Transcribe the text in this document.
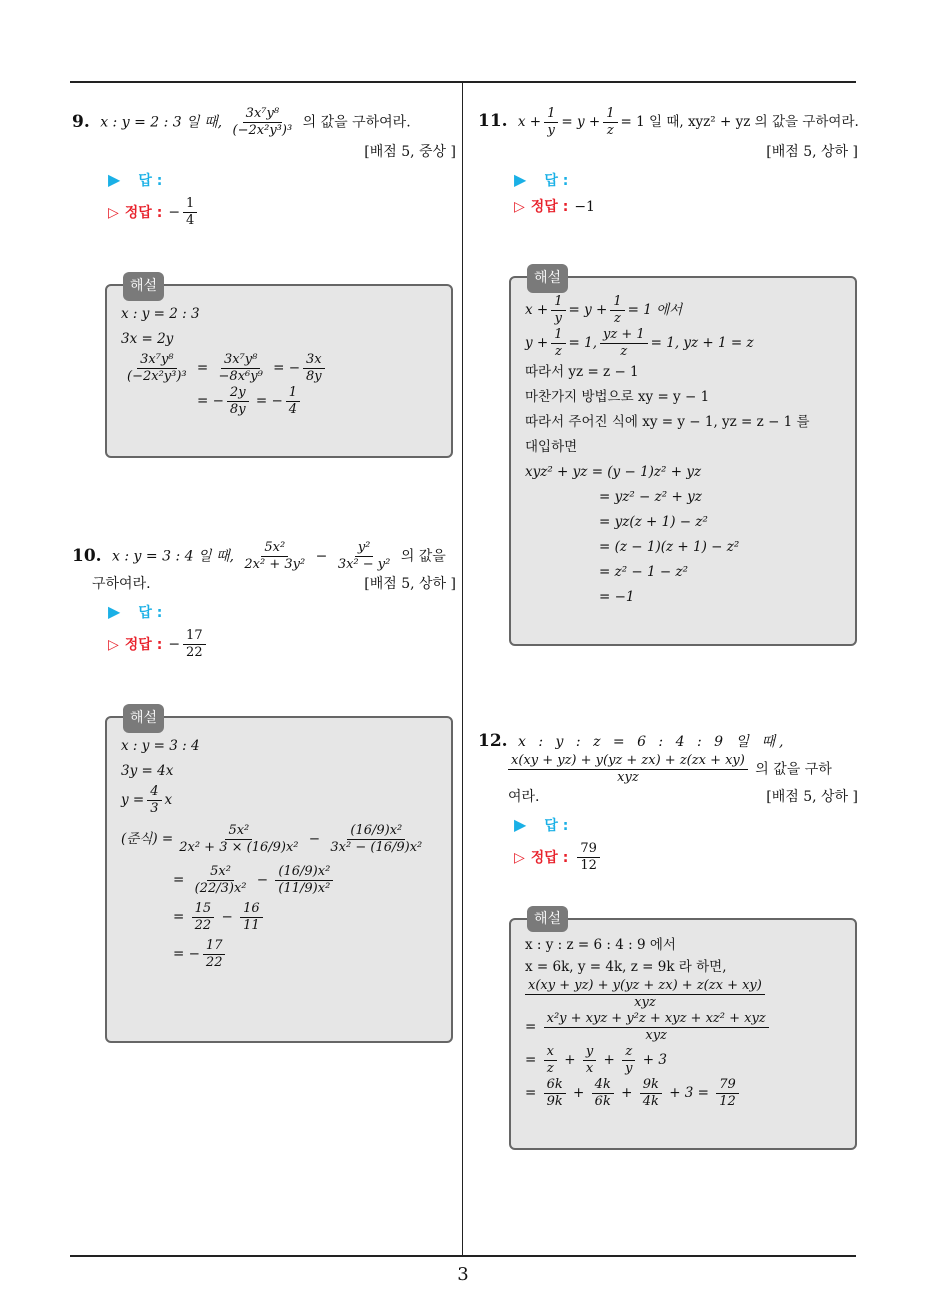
9. x : y = 2 : 3 일 때, $\frac{\text{3x⁷y⁸}}{\text{(−2x²y³)³}}$ 의 값을 구하여라.
[배점 5, 중상 ]
▶ 답 :
▷ 정답 : − $\frac{1}{4}$
해설
x : y = 2 : 3
3x = 2y
$\frac{\text{3x⁷y⁸}}{\text{(−2x²y³)³}} = \frac{\text{3x⁷y⁸}}{\text{−8x⁶y⁹}}$ = − $\frac{3x}{8y}$
= − $\frac{2y}{8y}$ = − $\frac{1}{4}$
10. x : y = 3 : 4 일 때, $\frac{\text{5x²}}{\text{2x² + 3y²}} - \frac{\text{y²}}{\text{3x² − y²}}$ 의 값을
구하여라.	[배점 5, 상하 ]
▶ 답 :
▷ 정답 : − $\frac{17}{22}$
해설
x : y = 3 : 4
3y = 4x
$y = \frac{4}{3}$ x
(준식) = $\frac{\text{5x²}}{\text{2x² + 3 × (16/9)x²}} - \frac{\text{(16/9)x²}}{\text{3x² − (16/9)x²}}$
= $\frac{\text{5x²}}{\text{(22/3)x²}} - \frac{\text{(16/9)x²}}{\text{(11/9)x²}}$
= $\frac{15}{22} - \frac{16}{11}$
= − $\frac{17}{22}$
11. $x + \frac{1}{y} = y + \frac{1}{z} = 1$ 일 때, xyz² + yz 의 값을 구하여라.
[배점 5, 상하 ]
▶ 답 :
▷ 정답 : −1
해설
$x + \frac{1}{y} = y + \frac{1}{z} = 1$ 에서
$y + \frac{1}{z} = 1$, $\frac{yz + 1}{z} = 1$, yz + 1 = z
따라서 yz = z − 1
마찬가지 방법으로 xy = y − 1
따라서 주어진 식에 xy = y − 1, yz = z − 1 를
대입하면
xyz² + yz = (y − 1)z² + yz
= yz² − z² + yz
= yz(z + 1) − z²
= (z − 1)(z + 1) − z²
= z² − 1 − z²
= −1
12. x : y : z = 6 : 4 : 9 일 때,
$\frac{x(xy + yz) + y(yz + zx) + z(zx + xy)}{\text{xyz}}$ 의 값을 구하
여라.	[배점 5, 상하 ]
▶ 답 :
▷ 정답 : $\frac{79}{12}$
해설
x : y : z = 6 : 4 : 9 에서
x = 6k, y = 4k, z = 9k 라 하면,
$\frac{x(xy + yz) + y(yz + zx) + z(zx + xy)}{\text{xyz}}$
= $\frac{\text{x²y + xyz + y²z + xyz + xz² + xyz}}{\text{xyz}}$
= $\frac{x}{z} + \frac{y}{x} + \frac{z}{y} + 3$
= $\frac{6k}{9k} + \frac{4k}{6k} + \frac{9k}{4k} + 3 = \frac{79}{12}$
3
